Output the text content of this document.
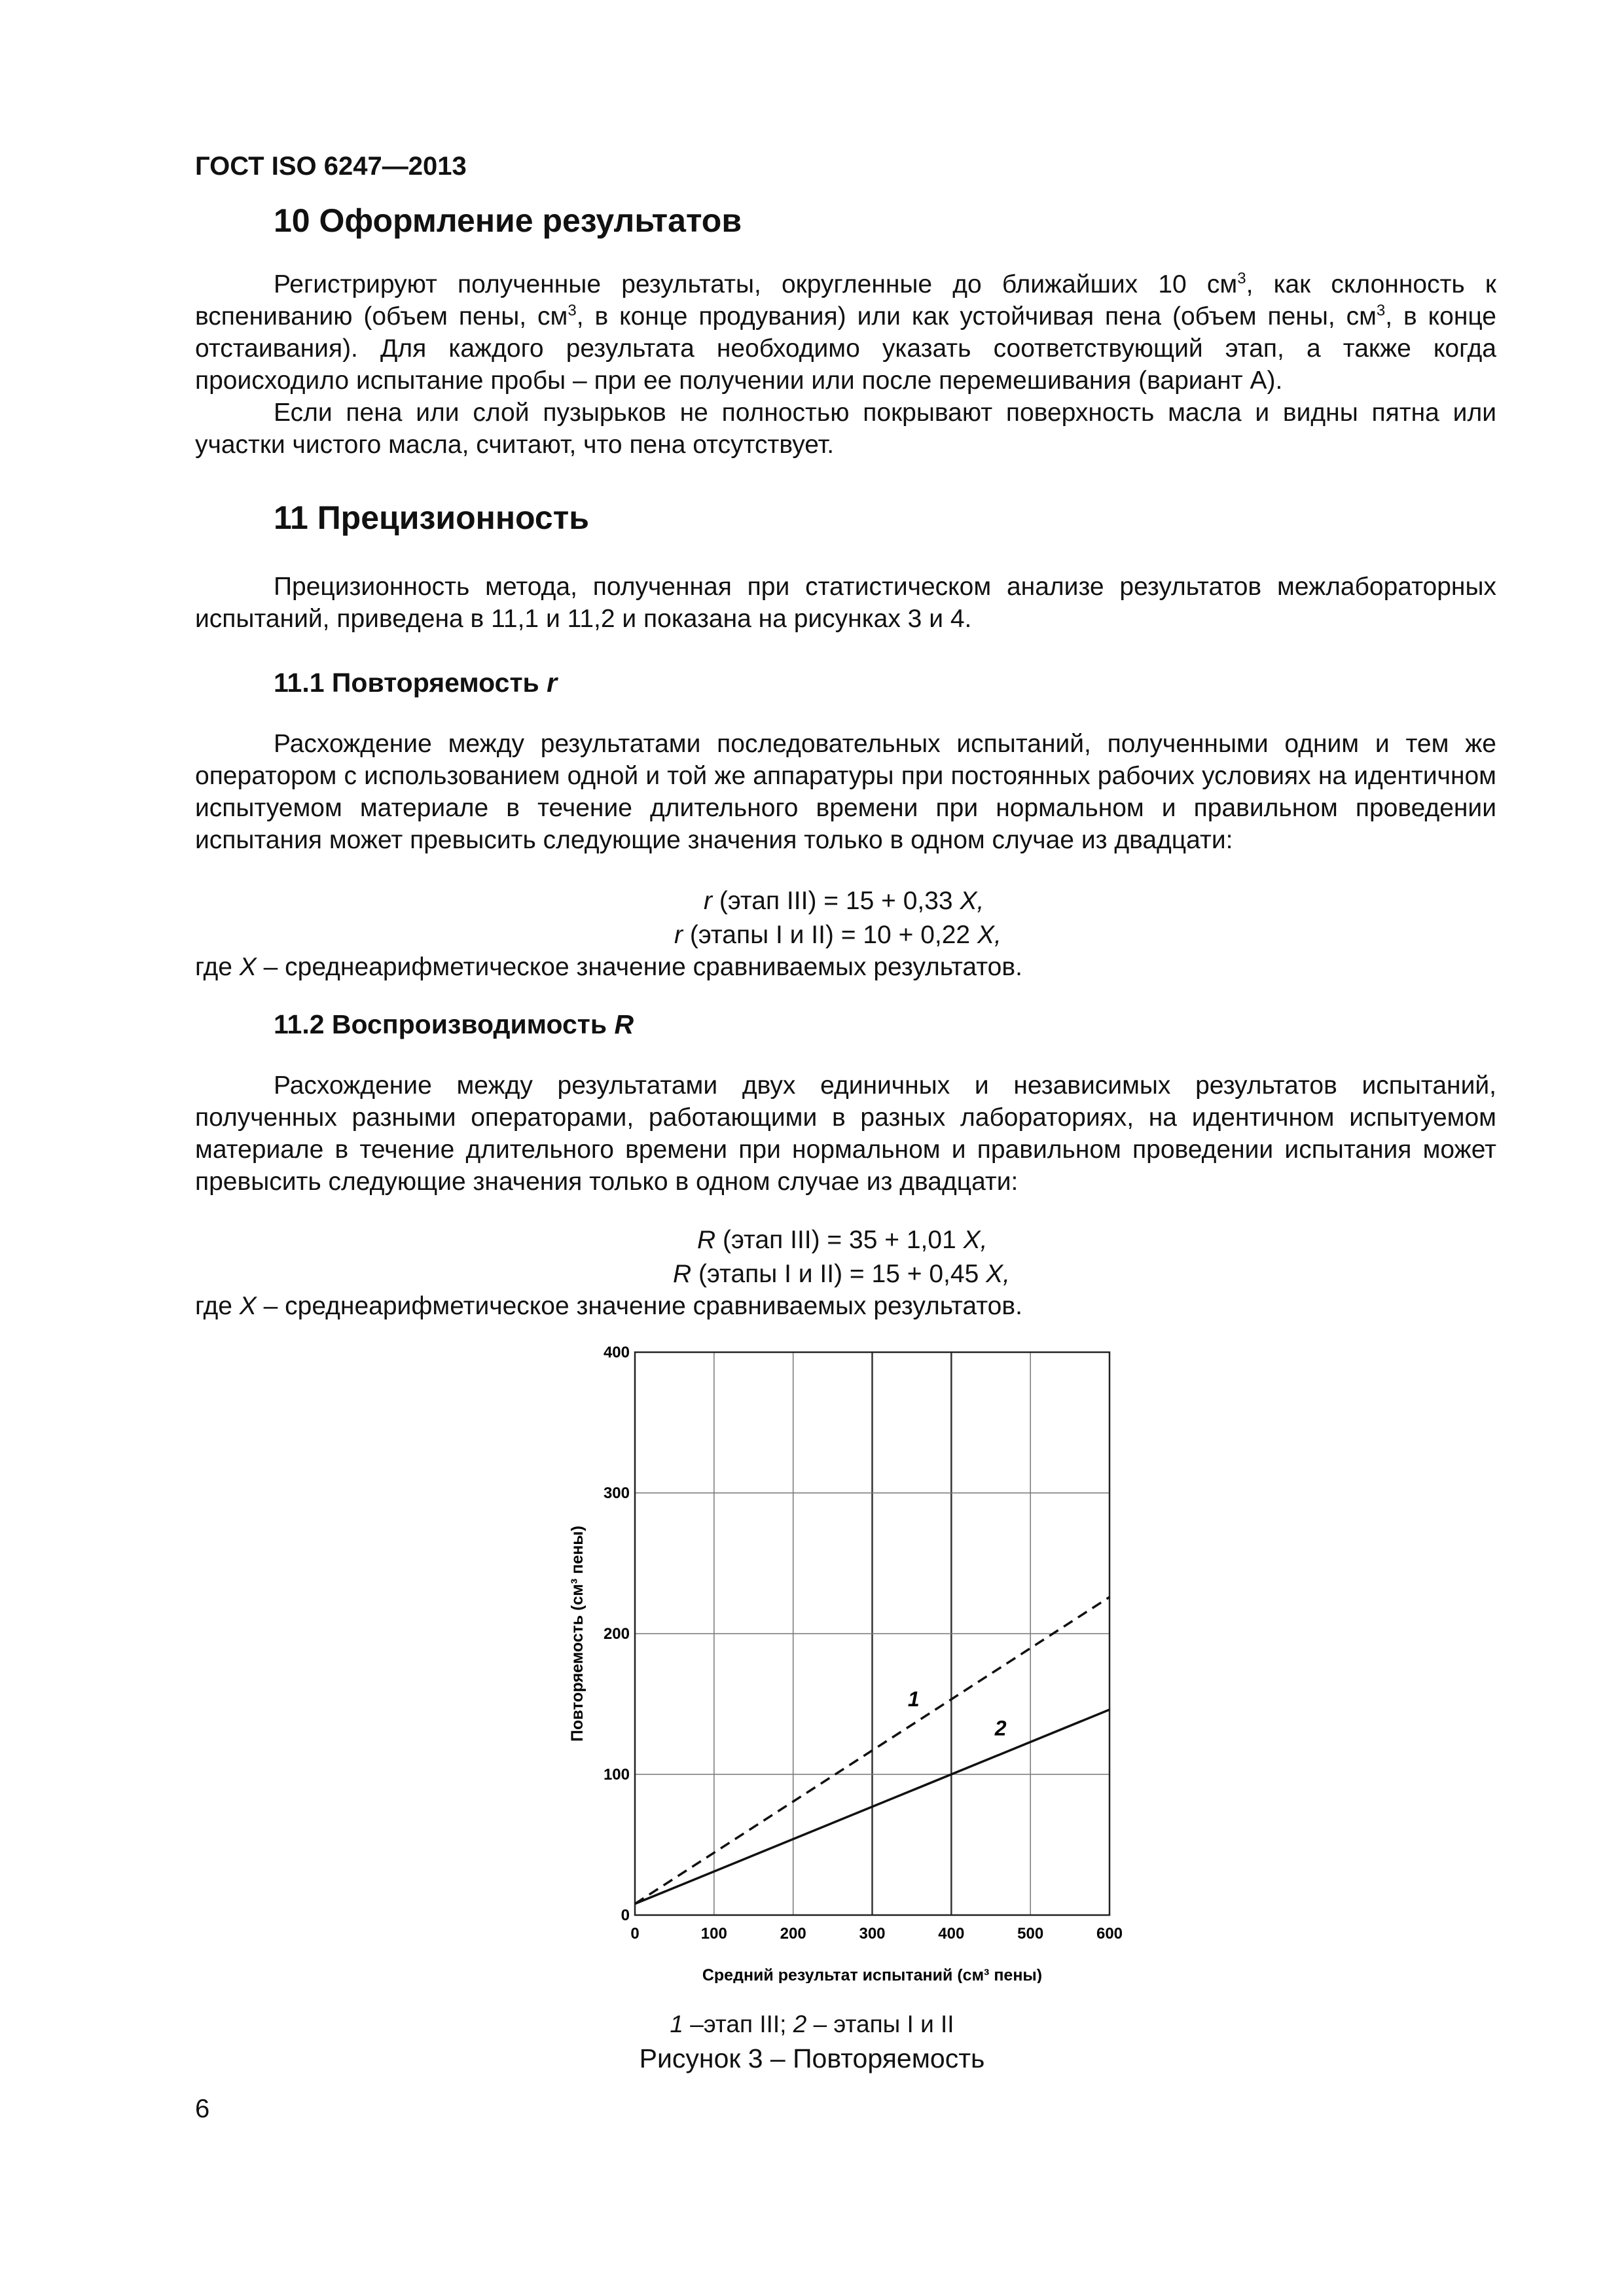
ГОСТ ISO 6247—2013
10 Оформление результатов

Регистрируют полученные результаты, округленные до ближайших 10 $см^3$, как склонность к вспениванию (объем пены, $см^3$, в конце продувания) или как устойчивая пена (объем пены, $см^3$, в конце отстаивания). Для каждого результата необходимо указать соответствующий этап, а также когда происходило испытание пробы – при ее получении или после перемешивания (вариант А).
Если пена или слой пузырьков не полностью покрывают поверхность масла и видны пятна или участки чистого масла, считают, что пена отсутствует.

11 Прецизионность

Прецизионность метода, полученная при статистическом анализе результатов межлабораторных испытаний, приведена в 11,1 и 11,2 и показана на рисунках 3 и 4.

11.1 Повторяемость r

Расхождение между результатами последовательных испытаний, полученными одним и тем же оператором с использованием одной и той же аппаратуры при постоянных рабочих условиях на идентичном испытуемом материале в течение длительного времени при нормальном и правильном проведении испытания может превысить следующие значения только в одном случае из двадцати:

r (этап III) = 15 + 0,33 X,
r (этапы I и II) = 10 + 0,22 X,
где X – среднеарифметическое значение сравниваемых результатов.
11.2 Воспроизводимость R

Расхождение между результатами двух единичных и независимых результатов испытаний, полученных разными операторами, работающими в разных лабораториях, на идентичном испытуемом материале в течение длительного времени при нормальном и правильном проведении испытания может превысить следующие значения только в одном случае из двадцати:

R (этап III) = 35 + 1,01 X,
R (этапы I и II) = 15 + 0,45 X,
где X – среднеарифметическое значение сравниваемых результатов.
0	100	200	300	400	500	600
0
100
200
300
400
Средний результат испытаний (см³ пены)
Повторяемость (см³ пены)	1
2
1 –этап III; 2 – этапы I и II
Рисунок 3 – Повторяемость
6
